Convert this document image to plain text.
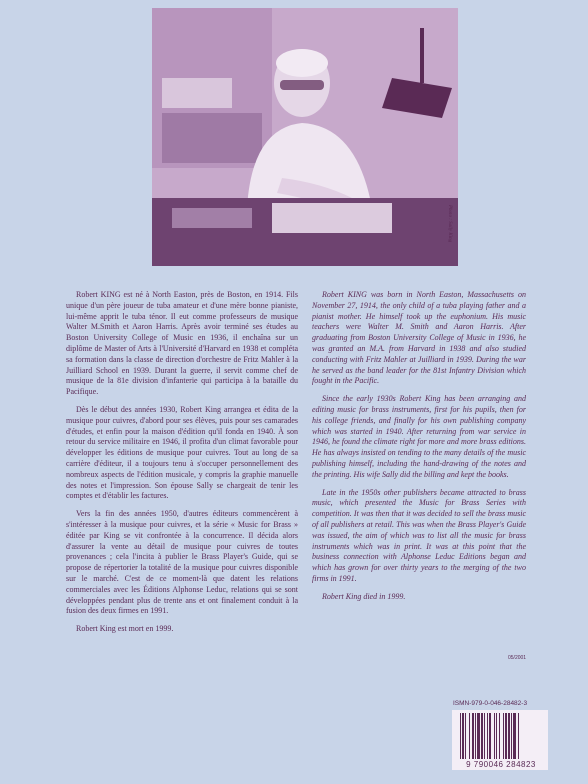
Photo : Sally King

Robert KING est né à North Easton, près de Boston, en 1914. Fils unique d'un père joueur de tuba amateur et d'une mère bonne pianiste, lui-même apprit le tuba ténor. Il eut comme professeurs de musique Walter M.Smith et Aaron Harris. Après avoir terminé ses études au Boston University College of Music en 1936, il enchaîna sur un diplôme de Master of Arts à l'Université d'Harvard en 1938 et compléta sa formation dans la classe de direction d'orchestre de Fritz Mahler à la Juilliard School en 1939. Durant la guerre, il servit comme chef de musique de la 81e division d'infanterie qui participa à la bataille du Pacifique.

Dès le début des années 1930, Robert King arrangea et édita de la musique pour cuivres, d'abord pour ses élèves, puis pour ses camarades d'études, et enfin pour la maison d'édition qu'il fonda en 1940. À son retour du service militaire en 1946, il profita d'un climat favorable pour développer les éditions de musique pour cuivres. Tout au long de sa carrière d'éditeur, il a toujours tenu à s'occuper personnellement des nombreux aspects de l'édition musicale, y compris la graphie manuelle des notes et l'impression. Son épouse Sally se chargeait de tenir les comptes et d'établir les factures.

Vers la fin des années 1950, d'autres éditeurs commencèrent à s'intéresser à la musique pour cuivres, et la série « Music for Brass » éditée par King se vit confrontée à la concurrence. Il décida alors d'assurer la vente au détail de musique pour cuivres de toutes provenances ; cela l'incita à publier le Brass Player's Guide, qui se propose de répertorier la totalité de la musique pour cuivres disponible sur le marché. C'est de ce moment-là que datent les relations commerciales avec les Éditions Alphonse Leduc, relations qui se sont développées pendant plus de trente ans et ont finalement conduit à la fusion des deux firmes en 1991.

Robert King est mort en 1999.

Robert KING was born in North Easton, Massachusetts on November 27, 1914, the only child of a tuba playing father and a pianist mother. He himself took up the euphonium. His music teachers were Walter M. Smith and Aaron Harris. After graduating from Boston University College of Music in 1936, he was granted an M.A. from Harvard in 1938 and also studied conducting with Fritz Mahler at Juilliard in 1939. During the war he served as the band leader for the 81st Infantry Division which fought in the Pacific.

Since the early 1930s Robert King has been arranging and editing music for brass instruments, first for his pupils, then for his college friends, and finally for his own publishing company which was started in 1940. After returning from war service in 1946, he found the climate right for more and more brass editions. He has always insisted on tending to the many details of the music publishing himself, including the hand-drawing of the notes and the printing. His wife Sally did the billing and kept the books.

Late in the 1950s other publishers became attracted to brass music, which presented the Music for Brass Series with competition. It was then that it was decided to sell the brass music of all publishers at retail. This was when the Brass Player's Guide was issued, the aim of which was to list all the music for brass instruments which was in print. It was at this point that the business connection with Alphonse Leduc Editions began and which has grown for over thirty years to the merging of the two firms in 1991.

Robert King died in 1999.

05/2001
ISMN-979-0-046-28482-3
9 790046 284823
